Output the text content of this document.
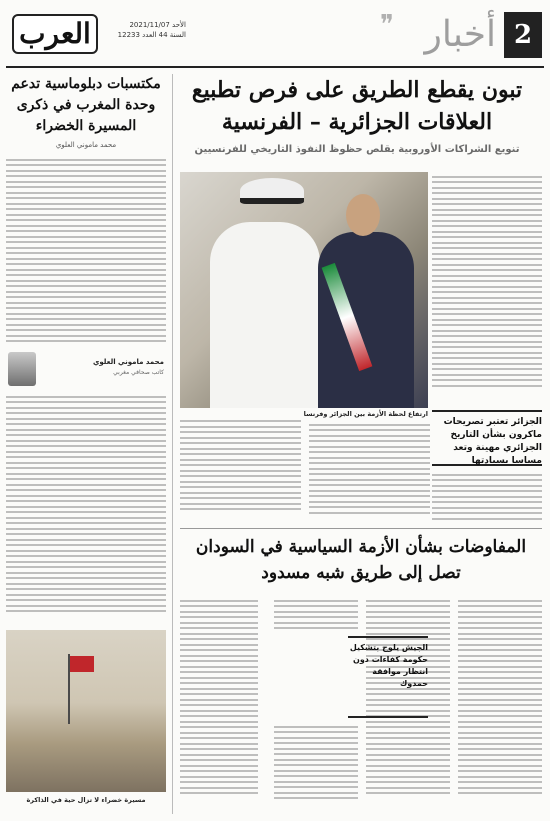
العرب	الأحد 2021/11/07
السنة 44 العدد 12233	❞ أخبار 2
مكتسبات دبلوماسية تدعم وحدة المغرب في ذكرى المسيرة الخضراء
محمد ماموني العلوي
محمد ماموني العلوي
كاتب صحافي مغربي
مسيرة خضراء لا تزال حية في الذاكرة
تبون يقطع الطريق على فرص تطبيع العلاقات الجزائرية – الفرنسية
تنويع الشراكات الأوروبية يقلص حظوظ النفوذ التاريخي للفرنسيين
ارتفاع لحظة الأزمة بين الجزائر وفرنسا
الجزائر تعتبر تصريحات ماكرون بشأن التاريخ الجزائري مهينة وتعد مساسا بسيادتها
المفاوضات بشأن الأزمة السياسية في السودان تصل إلى طريق شبه مسدود
الجيش يلوح بتشكيل حكومة كفاءات دون انتظار موافقة حمدوك
